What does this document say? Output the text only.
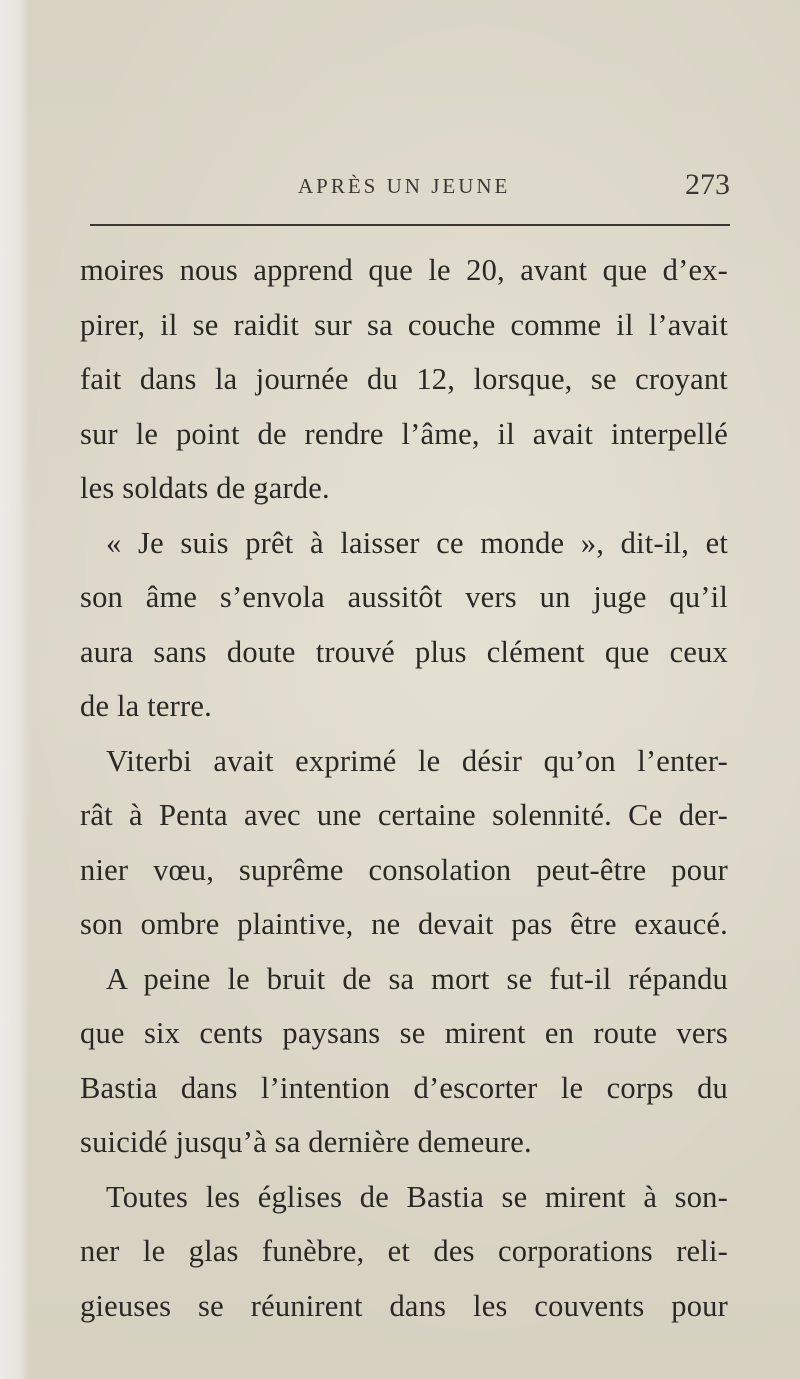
APRÈS UN JEUNE	273
moires nous apprend que le 20, avant que d’ex-
pirer, il se raidit sur sa couche comme il l’avait
fait dans la journée du 12, lorsque, se croyant
sur le point de rendre l’âme, il avait interpellé
les soldats de garde.
« Je suis prêt à laisser ce monde », dit-il, et
son âme s’envola aussitôt vers un juge qu’il
aura sans doute trouvé plus clément que ceux
de la terre.
Viterbi avait exprimé le désir qu’on l’enter-
rât à Penta avec une certaine solennité. Ce der-
nier vœu, suprême consolation peut-être pour
son ombre plaintive, ne devait pas être exaucé.
A peine le bruit de sa mort se fut-il répandu
que six cents paysans se mirent en route vers
Bastia dans l’intention d’escorter le corps du
suicidé jusqu’à sa dernière demeure.
Toutes les églises de Bastia se mirent à son-
ner le glas funèbre, et des corporations reli-
gieuses se réunirent dans les couvents pour
